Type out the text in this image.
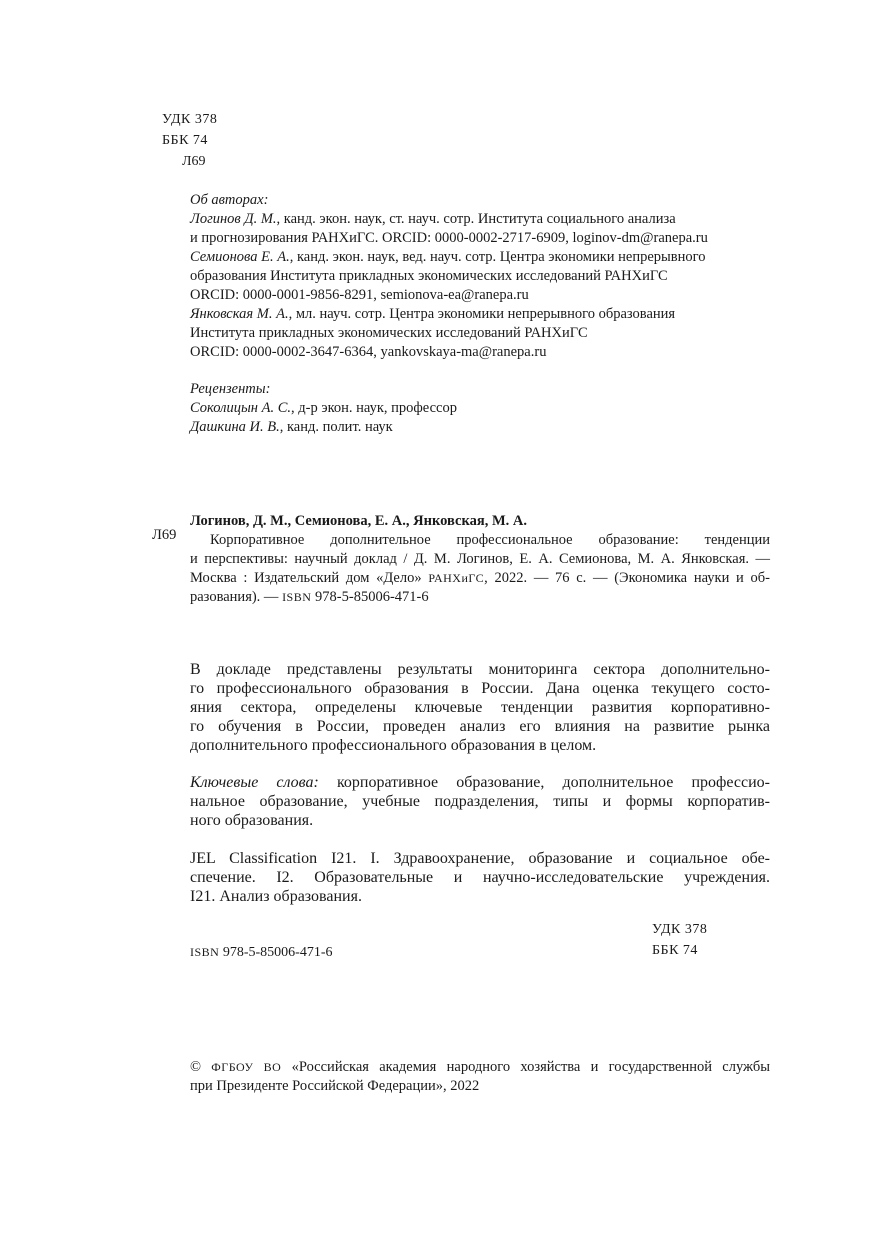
УДК 378
ББК 74
Л69
Об авторах:
Логинов Д. М., канд. экон. наук, ст. науч. сотр. Института социального анализа
и прогнозирования РАНХиГС. ORCID: 0000-0002-2717-6909, loginov-dm@ranepa.ru
Семионова Е. А., канд. экон. наук, вед. науч. сотр. Центра экономики непрерывного
образования Института прикладных экономических исследований РАНХиГС
ORCID: 0000-0001-9856-8291, semionova-ea@ranepa.ru
Янковская М. А., мл. науч. сотр. Центра экономики непрерывного образования
Института прикладных экономических исследований РАНХиГС
ORCID: 0000-0002-3647-6364, yankovskaya-ma@ranepa.ru
Рецензенты:
Соколицын А. С., д-р экон. наук, профессор
Дашкина И. В., канд. полит. наук
Л69
Логинов, Д. М., Семионова, Е. А., Янковская, М. А.
Корпоративное дополнительное профессиональное образование: тенденции
и перспективы: научный доклад / Д. М. Логинов, Е. А. Семионова, М. А. Янковская. —
Москва : Издательский дом «Дело» РАНХиГС, 2022. — 76 с. — (Экономика науки и об-
разования). — ISBN 978-5-85006-471-6
В докладе представлены результаты мониторинга сектора дополнительно-
го профессионального образования в России. Дана оценка текущего состо-
яния сектора, определены ключевые тенденции развития корпоративно-
го обучения в России, проведен анализ его влияния на развитие рынка
дополнительного профессионального образования в целом.
Ключевые слова: корпоративное образование, дополнительное профессио-
нальное образование, учебные подразделения, типы и формы корпоратив-
ного образования.
JEL Classification I21. I. Здравоохранение, образование и социальное обе-
спечение. I2. Образовательные и научно-исследовательские учреждения.
I21. Анализ образования.
УДК 378
ББК 74
ISBN 978-5-85006-471-6
© ФГБОУ ВО «Российская академия народного хозяйства и государственной службы
при Президенте Российской Федерации», 2022
